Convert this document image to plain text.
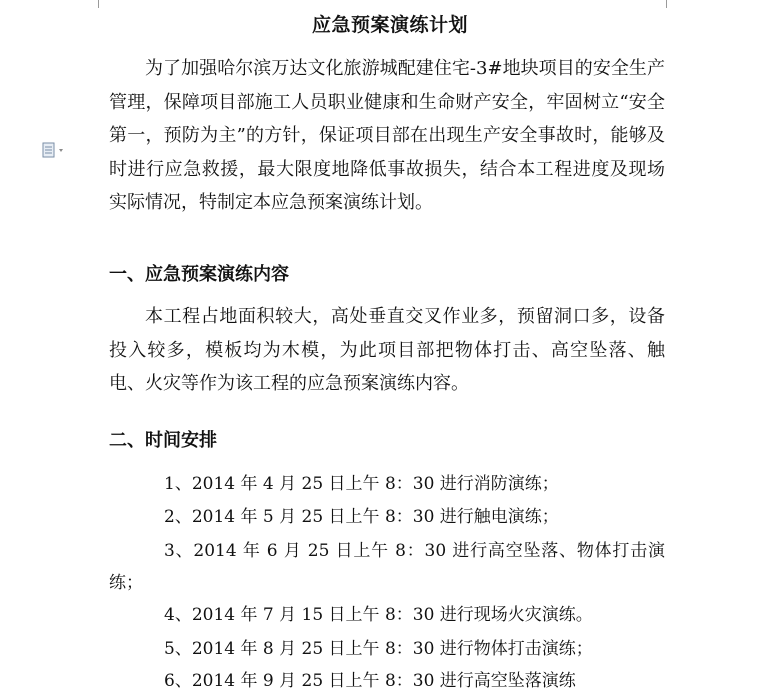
应急预案演练计划

为了加强哈尔滨万达文化旅游城配建住宅-3#地块项目的安全生产管理，保障项目部施工人员职业健康和生命财产安全，牢固树立“安全第一，预防为主”的方针，保证项目部在出现生产安全事故时，能够及时进行应急救援，最大限度地降低事故损失，结合本工程进度及现场实际情况，特制定本应急预案演练计划。

一、应急预案演练内容

本工程占地面积较大，高处垂直交叉作业多，预留洞口多，设备投入较多，模板均为木模，为此项目部把物体打击、高空坠落、触电、火灾等作为该工程的应急预案演练内容。

二、时间安排

1、2014 年 4 月 25 日上午 8：30 进行消防演练；

2、2014 年 5 月 25 日上午 8：30 进行触电演练；

3、2014 年 6 月 25 日上午 8：30 进行高空坠落、物体打击演练；

4、2014 年 7 月 15 日上午 8：30 进行现场火灾演练。

5、2014 年 8 月 25 日上午 8：30 进行物体打击演练；

6、2014 年 9 月 25 日上午 8：30 进行高空坠落演练
